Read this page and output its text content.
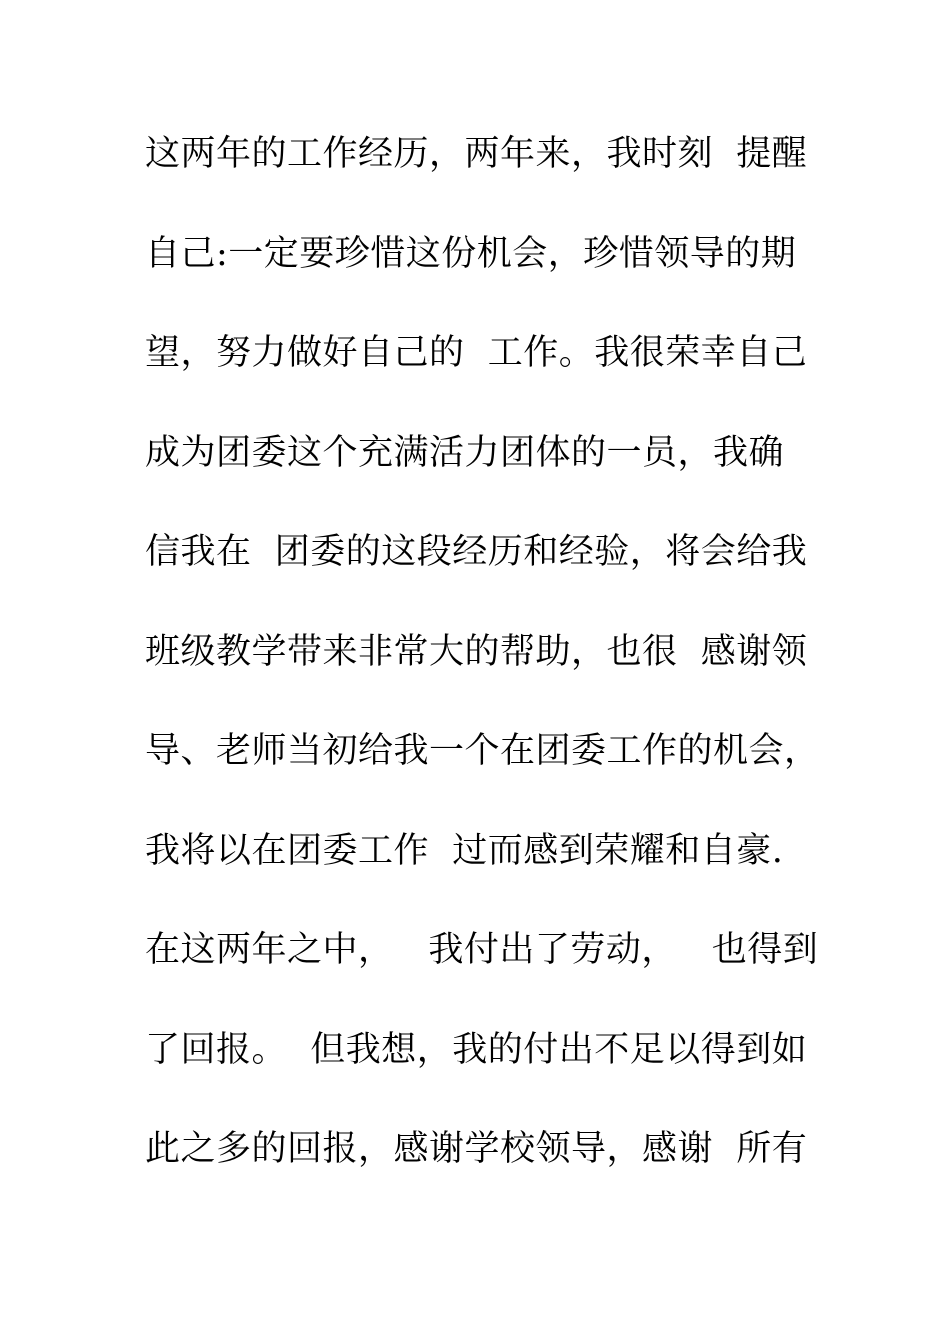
这两年的工作经历，两年来，我时刻  提醒
自己:一定要珍惜这份机会，珍惜领导的期
望，努力做好自己的  工作。我很荣幸自己
成为团委这个充满活力团体的一员，我确
信我在  团委的这段经历和经验，将会给我
班级教学带来非常大的帮助，也很  感谢领
导、老师当初给我一个在团委工作的机会，
我将以在团委工作  过而感到荣耀和自豪.
在这两年之中，   我付出了劳动，   也得到
了回报。  但我想，我的付出不足以得到如
此之多的回报，感谢学校领导，感谢  所有
